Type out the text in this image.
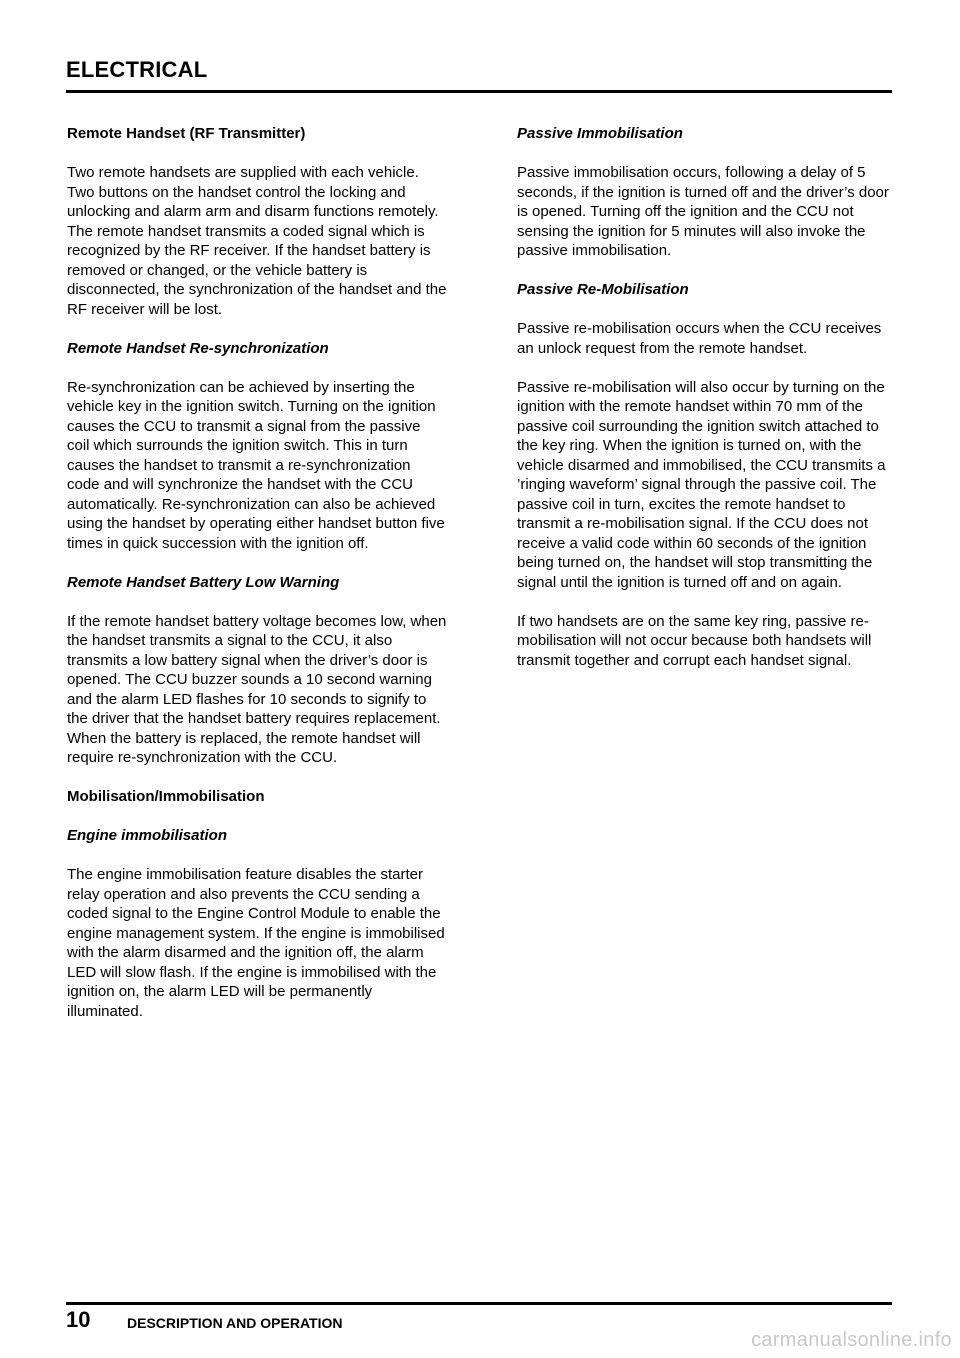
ELECTRICAL
Remote Handset (RF Transmitter)

Two remote handsets are supplied with each vehicle. Two buttons on the handset control the locking and unlocking and alarm arm and disarm functions remotely. The remote handset transmits a coded signal which is recognized by the RF receiver. If the handset battery is removed or changed, or the vehicle battery is disconnected, the synchronization of the handset and the RF receiver will be lost.

Remote Handset Re-synchronization

Re-synchronization can be achieved by inserting the vehicle key in the ignition switch. Turning on the ignition causes the CCU to transmit a signal from the passive coil which surrounds the ignition switch. This in turn causes the handset to transmit a re-synchronization code and will synchronize the handset with the CCU automatically. Re-synchronization can also be achieved using the handset by operating either handset button five times in quick succession with the ignition off.

Remote Handset Battery Low Warning

If the remote handset battery voltage becomes low, when the handset transmits a signal to the CCU, it also transmits a low battery signal when the driver’s door is opened. The CCU buzzer sounds a 10 second warning and the alarm LED flashes for 10 seconds to signify to the driver that the handset battery requires replacement. When the battery is replaced, the remote handset will require re-synchronization with the CCU.

Mobilisation/Immobilisation
Engine immobilisation

The engine immobilisation feature disables the starter relay operation and also prevents the CCU sending a coded signal to the Engine Control Module to enable the engine management system. If the engine is immobilised with the alarm disarmed and the ignition off, the alarm LED will slow flash. If the engine is immobilised with the ignition on, the alarm LED will be permanently illuminated.

Passive Immobilisation

Passive immobilisation occurs, following a delay of 5 seconds, if the ignition is turned off and the driver’s door is opened. Turning off the ignition and the CCU not sensing the ignition for 5 minutes will also invoke the passive immobilisation.

Passive Re-Mobilisation

Passive re-mobilisation occurs when the CCU receives an unlock request from the remote handset.

Passive re-mobilisation will also occur by turning on the ignition with the remote handset within 70 mm of the passive coil surrounding the ignition switch attached to the key ring. When the ignition is turned on, with the vehicle disarmed and immobilised, the CCU transmits a ’ringing waveform’ signal through the passive coil. The passive coil in turn, excites the remote handset to transmit a re-mobilisation signal. If the CCU does not receive a valid code within 60 seconds of the ignition being turned on, the handset will stop transmitting the signal until the ignition is turned off and on again.

If two handsets are on the same key ring, passive re-mobilisation will not occur because both handsets will transmit together and corrupt each handset signal.

10	DESCRIPTION AND OPERATION
carmanualsonline.info
